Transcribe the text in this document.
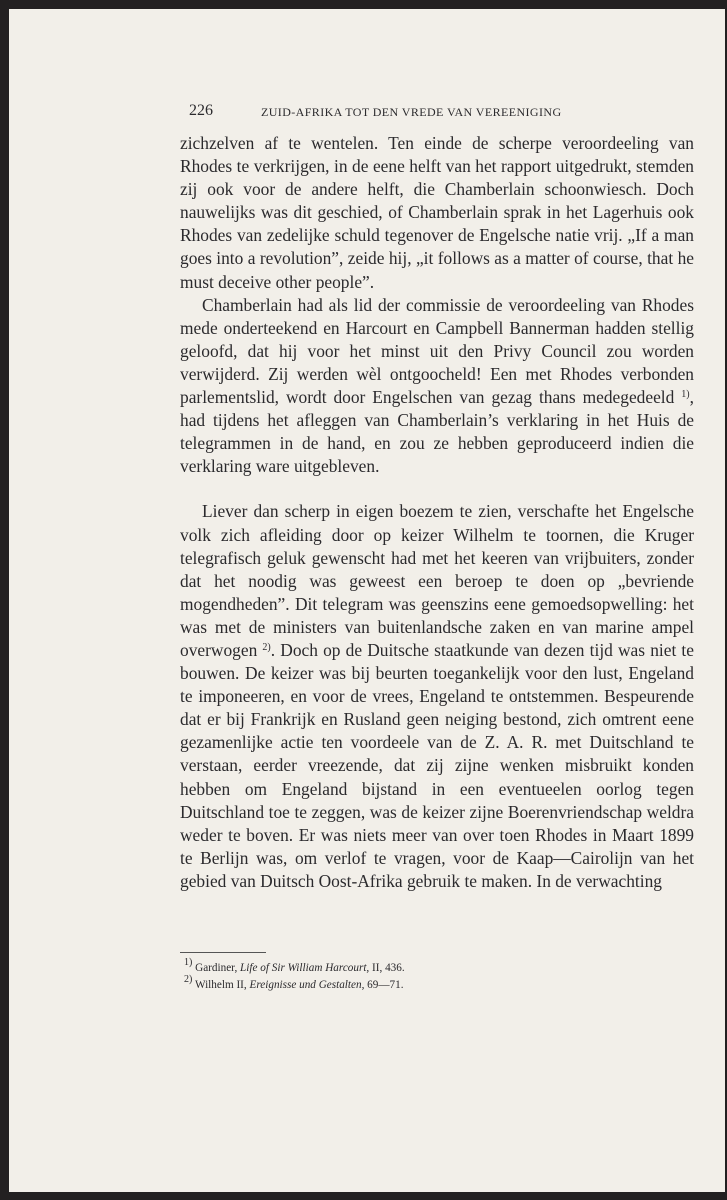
226	ZUID-AFRIKA TOT DEN VREDE VAN VEREENIGING

zichzelven af te wentelen. Ten einde de scherpe veroordeeling van Rhodes te verkrijgen, in de eene helft van het rapport uitgedrukt, stemden zij ook voor de andere helft, die Chamberlain schoonwiesch. Doch nauwelijks was dit geschied, of Chamberlain sprak in het Lagerhuis ook Rhodes van zedelijke schuld tegenover de Engelsche natie vrij. „If a man goes into a revolution”, zeide hij, „it follows as a matter of course, that he must deceive other people”.

Chamberlain had als lid der commissie de veroordeeling van Rhodes mede onderteekend en Harcourt en Campbell Bannerman hadden stellig geloofd, dat hij voor het minst uit den Privy Council zou worden verwijderd. Zij werden wèl ontgoocheld! Een met Rhodes verbonden parlementslid, wordt door Engelschen van gezag thans medegedeeld $^{1)}$, had tijdens het afleggen van Chamberlain’s verklaring in het Huis de telegrammen in de hand, en zou ze hebben geproduceerd indien die verklaring ware uitgebleven.

Liever dan scherp in eigen boezem te zien, verschafte het Engelsche volk zich afleiding door op keizer Wilhelm te toornen, die Kruger telegrafisch geluk gewenscht had met het keeren van vrijbuiters, zonder dat het noodig was geweest een beroep te doen op „bevriende mogendheden”. Dit telegram was geenszins eene gemoedsopwelling: het was met de ministers van buitenlandsche zaken en van marine ampel overwogen $^{2)}$. Doch op de Duitsche staatkunde van dezen tijd was niet te bouwen. De keizer was bij beurten toegankelijk voor den lust, Engeland te imponeeren, en voor de vrees, Engeland te ontstemmen. Bespeurende dat er bij Frankrijk en Rusland geen neiging bestond, zich omtrent eene gezamenlijke actie ten voordeele van de Z. A. R. met Duitschland te verstaan, eerder vreezende, dat zij zijne wenken misbruikt konden hebben om Engeland bijstand in een eventueelen oorlog tegen Duitschland toe te zeggen, was de keizer zijne Boerenvriendschap weldra weder te boven. Er was niets meer van over toen Rhodes in Maart 1899 te Berlijn was, om verlof te vragen, voor de Kaap—Cairolijn van het gebied van Duitsch Oost-Afrika gebruik te maken. In de verwachting

$^{1)}$ Gardiner, Life of Sir William Harcourt, II, 436.

$^{2)}$ Wilhelm II, Ereignisse und Gestalten, 69—71.
